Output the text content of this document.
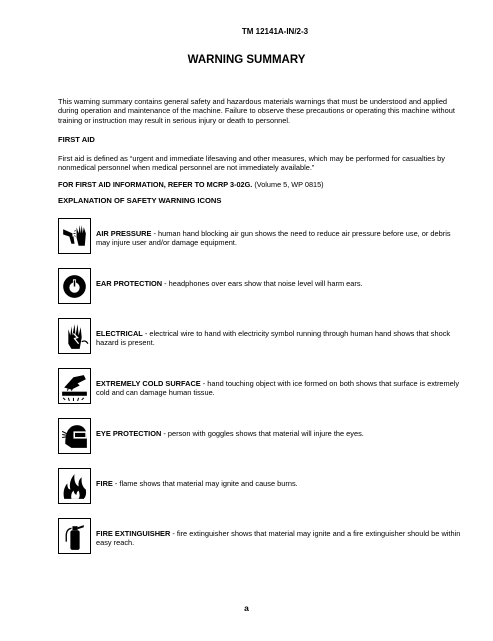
TM 12141A-IN/2-3
WARNING SUMMARY
This warning summary contains general safety and hazardous materials warnings that must be understood and applied during operation and maintenance of the machine. Failure to observe these precautions or operating this machine without training or instruction may result in serious injury or death to personnel.
FIRST AID
First aid is defined as “urgent and immediate lifesaving and other measures, which may be performed for casualties by nonmedical personnel when medical personnel are not immediately available.”
FOR FIRST AID INFORMATION, REFER TO MCRP 3-02G. (Volume 5, WP 0815)
EXPLANATION OF SAFETY WARNING ICONS
AIR PRESSURE - human hand blocking air gun shows the need to reduce air pressure before use, or debris may injure user and/or damage equipment.
EAR PROTECTION - headphones over ears show that noise level will harm ears.
ELECTRICAL - electrical wire to hand with electricity symbol running through human hand shows that shock hazard is present.
EXTREMELY COLD SURFACE - hand touching object with ice formed on both shows that surface is extremely cold and can damage human tissue.
EYE PROTECTION - person with goggles shows that material will injure the eyes.
FIRE - flame shows that material may ignite and cause burns.
FIRE EXTINGUISHER - fire extinguisher shows that material may ignite and a fire extinguisher should be within easy reach.
a
